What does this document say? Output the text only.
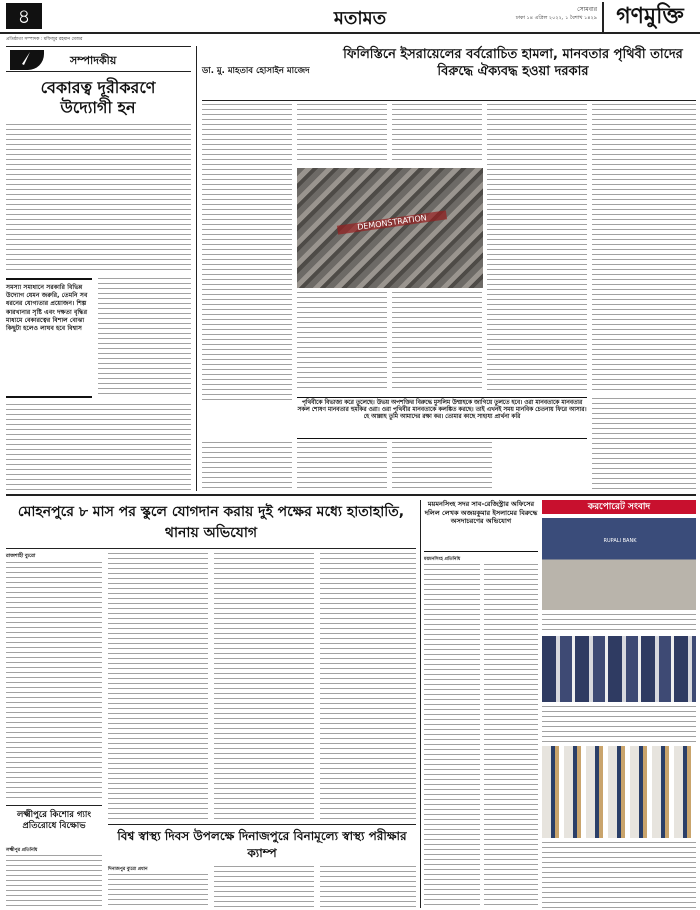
৪	মতামত	সোমবার
ঢাকা ১৪ এপ্রিল ২০২২, ১ বৈশাখ ১৪২৯ গণমুক্তি
প্রতিষ্ঠাতা সম্পাদক : মফিজুর রহমান মেজর
সম্পাদকীয়
বেকারত্ব দূরীকরণে উদ্যোগী হন
সমস্যা সমাধানে সরকারি বিভিন্ন উদ্যোগ যেমন জরুরি, তেমনি সব ধরনের যোগ্যতার প্রয়োজন। শিল্প কারখানার সৃষ্টি এবং দক্ষতা বৃদ্ধির মাধ্যমে বেকারত্বের বিশাল বোঝা কিছুটা হলেও লাঘব হবে বিশ্বাস
ডা. মু. মাহতাব হোসাইন মাজেদ
ফিলিস্তিনে ইসরায়েলের বর্বরোচিত হামলা, মানবতার পৃথিবী তাদের বিরুদ্ধে ঐক্যবদ্ধ হওয়া দরকার
DEMONSTRATION
পৃথিবীকে বিভাজ্য করে তুলেছে। উভয় অপশক্তির বিরুদ্ধে মুসলিম উম্মাহকে জাগিয়ে তুলতে হবে। ওরা মানবতাকে মানবতার সকল শোষণ মানবতার হুমকির ওরা। ওরা পৃথিবীর মানবতাকে কলঙ্কিত করছে। তাই এখনই সময় মানবিক চেতনায় ফিরে আসার। হে আল্লাহ তুমি আমাদের রক্ষা কর। তোমার কাছে সাহায্য প্রার্থনা করি
মোহনপুরে ৮ মাস পর স্কুলে যোগদান করায় দুই পক্ষের মধ্যে হাতাহাতি, থানায় অভিযোগ
রাজশাহী ব্যুরো
লক্ষ্মীপুরে কিশোর গ্যাং প্রতিরোধে বিক্ষোভ
লক্ষ্মীপুর প্রতিনিধি
বিশ্ব স্বাস্থ্য দিবস উপলক্ষে দিনাজপুরে বিনামূল্যে স্বাস্থ্য পরীক্ষার ক্যাম্প
দিনাজপুর ব্যুরো প্রধান
ময়মনসিংহ সদর সাব-রেজিস্ট্রার অফিসের দলিল লেখক অজয়কুমার ইসলামের বিরুদ্ধে অসদাচরণের অভিযোগ
ময়মনসিংহ প্রতিনিধি
করপোরেট সংবাদ
RUPALI BANK
